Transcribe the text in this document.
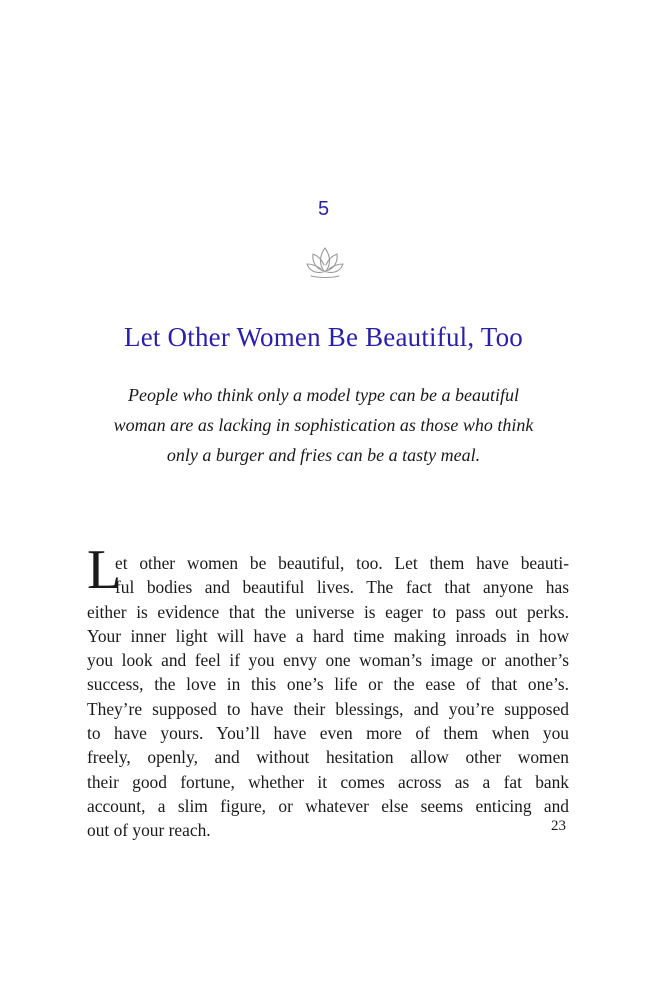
5
Let Other Women Be Beautiful, Too
People who think only a model type can be a beautiful
woman are as lacking in sophistication as those who think
only a burger and fries can be a tasty meal.
L
et other women be beautiful, too. Let them have beauti-
ful bodies and beautiful lives. The fact that anyone has
either is evidence that the universe is eager to pass out perks.
Your inner light will have a hard time making inroads in how
you look and feel if you envy one woman’s image or another’s
success, the love in this one’s life or the ease of that one’s.
They’re supposed to have their blessings, and you’re supposed
to have yours. You’ll have even more of them when you
freely, openly, and without hesitation allow other women
their good fortune, whether it comes across as a fat bank
account, a slim figure, or whatever else seems enticing and
out of your reach.	23
